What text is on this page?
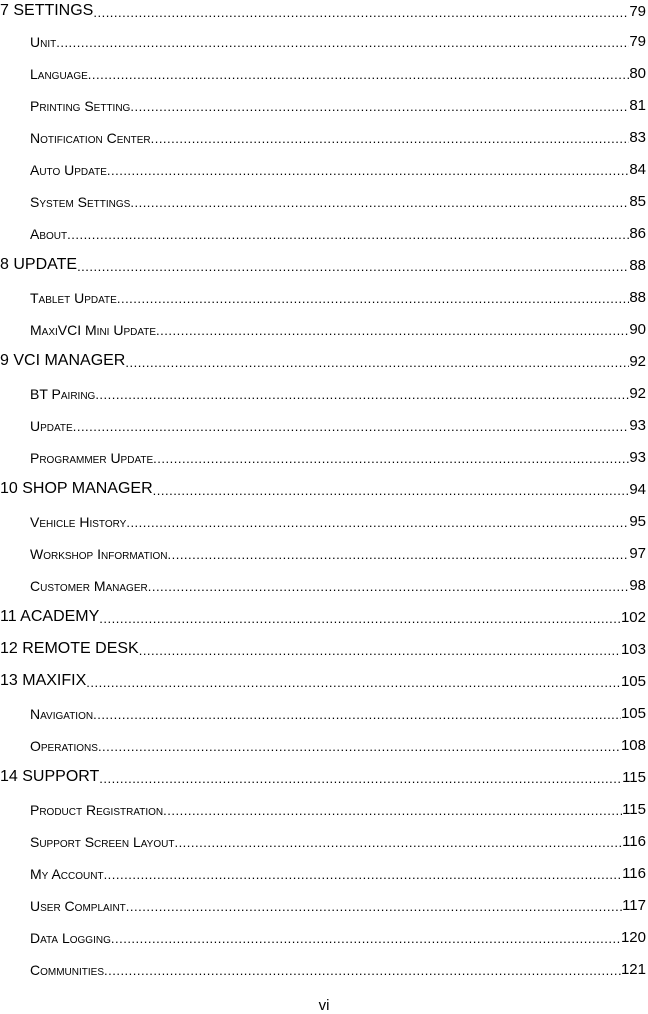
7 SETTINGS .....	79
Unit .....	79
Language .....	80
Printing Setting .....	81
Notification Center .....	83
Auto Update .....	84
System Settings .....	85
About .....	86
8 UPDATE .....	88
Tablet Update .....	88
MaxiVCI Mini Update .....	90
9 VCI MANAGER .....	92
BT Pairing .....	92
Update .....	93
Programmer Update .....	93
10 SHOP MANAGER .....	94
Vehicle History .....	95
Workshop Information .....	97
Customer Manager .....	98
11 ACADEMY .....	102
12 REMOTE DESK .....	103
13 MAXIFIX .....	105
Navigation .....	105
Operations .....	108
14 SUPPORT .....	115
Product Registration .....	115
Support Screen Layout .....	116
My Account .....	116
User Complaint .....	117
Data Logging .....	120
Communities .....	121
vi
